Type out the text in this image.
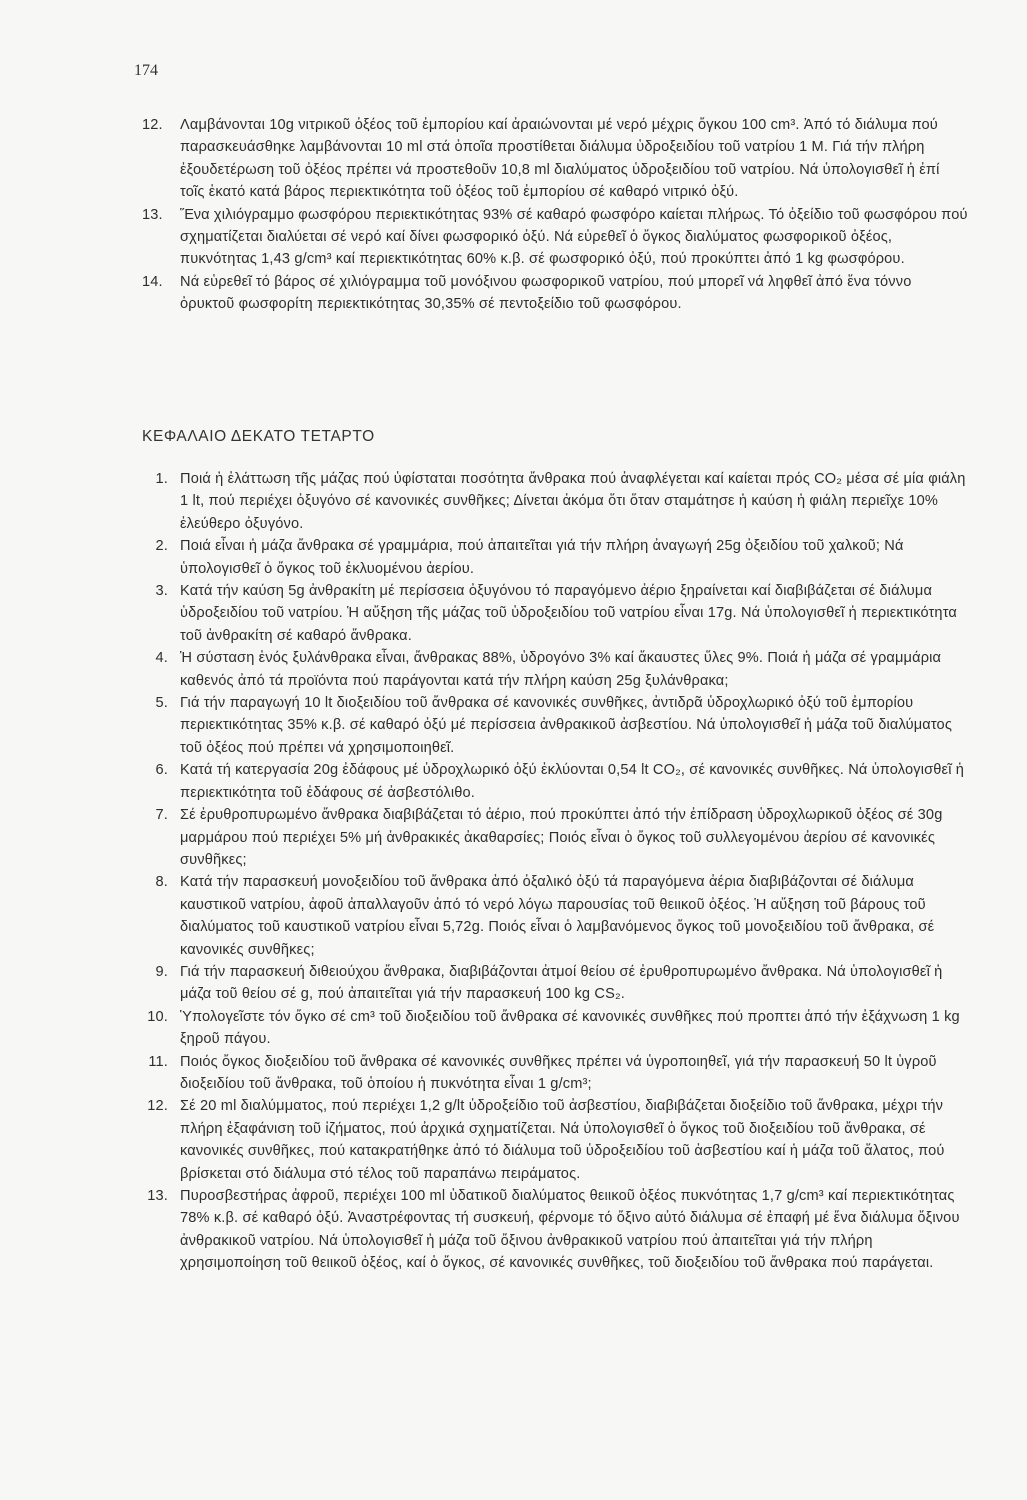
174
12. Λαμβάνονται 10g νιτρικοῦ ὀξέος τοῦ ἐμπορίου καί ἀραιώνονται μέ νερό μέχρις ὄγκου 100 cm³. Ἀπό τό διάλυμα πού παρασκευάσθηκε λαμβάνονται 10 ml στά ὁποῖα προστίθεται διάλυμα ὑδροξειδίου τοῦ νατρίου 1 Μ. Γιά τήν πλήρη ἐξουδετέρωση τοῦ ὀξέος πρέπει νά προστεθοῦν 10,8 ml διαλύματος ὑδροξειδίου τοῦ νατρίου. Νά ὑπολογισθεῖ ἡ ἐπί τοῖς ἑκατό κατά βάρος περιεκτικότητα τοῦ ὀξέος τοῦ ἐμπορίου σέ καθαρό νιτρικό ὀξύ.
13. Ἕνα χιλιόγραμμο φωσφόρου περιεκτικότητας 93% σέ καθαρό φωσφόρο καίεται πλήρως. Τό ὀξείδιο τοῦ φωσφόρου πού σχηματίζεται διαλύεται σέ νερό καί δίνει φωσφορικό ὀξύ. Νά εὑρεθεῖ ὁ ὄγκος διαλύματος φωσφορικοῦ ὀξέος, πυκνότητας 1,43 g/cm³ καί περιεκτικότητας 60% κ.β. σέ φωσφορικό ὀξύ, πού προκύπτει ἀπό 1 kg φωσφόρου.
14. Νά εὑρεθεῖ τό βάρος σέ χιλιόγραμμα τοῦ μονόξινου φωσφορικοῦ νατρίου, πού μπορεῖ νά ληφθεῖ ἀπό ἕνα τόννο ὀρυκτοῦ φωσφορίτη περιεκτικότητας 30,35% σέ πεντοξείδιο τοῦ φωσφόρου.
ΚΕΦΑΛΑΙΟ ΔΕΚΑΤΟ ΤΕΤΑΡΤΟ
1. Ποιά ἡ ἐλάττωση τῆς μάζας πού ὑφίσταται ποσότητα ἄνθρακα πού ἀναφλέγεται καί καίεται πρός CO₂ μέσα σέ μία φιάλη 1 lt, πού περιέχει ὀξυγόνο σέ κανονικές συνθῆκες; Δίνεται ἀκόμα ὅτι ὅταν σταμάτησε ἡ καύση ἡ φιάλη περιεῖχε 10% ἐλεύθερο ὀξυγόνο.
2. Ποιά εἶναι ἡ μάζα ἄνθρακα σέ γραμμάρια, πού ἀπαιτεῖται γιά τήν πλήρη ἀναγωγή 25g ὀξειδίου τοῦ χαλκοῦ; Νά ὑπολογισθεῖ ὁ ὄγκος τοῦ ἐκλυομένου ἀερίου.
3. Κατά τήν καύση 5g ἀνθρακίτη μέ περίσσεια ὀξυγόνου τό παραγόμενο ἀέριο ξηραίνεται καί διαβιβάζεται σέ διάλυμα ὑδροξειδίου τοῦ νατρίου. Ἡ αὔξηση τῆς μάζας τοῦ ὑδροξειδίου τοῦ νατρίου εἶναι 17g. Νά ὑπολογισθεῖ ἡ περιεκτικότητα τοῦ ἀνθρακίτη σέ καθαρό ἄνθρακα.
4. Ἡ σύσταση ἑνός ξυλάνθρακα εἶναι, ἄνθρακας 88%, ὑδρογόνο 3% καί ἄκαυστες ὕλες 9%. Ποιά ἡ μάζα σέ γραμμάρια καθενός ἀπό τά προϊόντα πού παράγονται κατά τήν πλήρη καύση 25g ξυλάνθρακα;
5. Γιά τήν παραγωγή 10 lt διοξειδίου τοῦ ἄνθρακα σέ κανονικές συνθῆκες, ἀντιδρᾶ ὑδροχλωρικό ὀξύ τοῦ ἐμπορίου περιεκτικότητας 35% κ.β. σέ καθαρό ὀξύ μέ περίσσεια ἀνθρακικοῦ ἀσβεστίου. Νά ὑπολογισθεῖ ἡ μάζα τοῦ διαλύματος τοῦ ὀξέος πού πρέπει νά χρησιμοποιηθεῖ.
6. Κατά τή κατεργασία 20g ἐδάφους μέ ὑδροχλωρικό ὀξύ ἐκλύονται 0,54 lt CO₂, σέ κανονικές συνθῆκες. Νά ὑπολογισθεῖ ἡ περιεκτικότητα τοῦ ἐδάφους σέ ἀσβεστόλιθο.
7. Σέ ἐρυθροπυρωμένο ἄνθρακα διαβιβάζεται τό ἀέριο, πού προκύπτει ἀπό τήν ἐπίδραση ὑδροχλωρικοῦ ὀξέος σέ 30g μαρμάρου πού περιέχει 5% μή ἀνθρακικές ἀκαθαρσίες; Ποιός εἶναι ὁ ὄγκος τοῦ συλλεγομένου ἀερίου σέ κανονικές συνθῆκες;
8. Κατά τήν παρασκευή μονοξειδίου τοῦ ἄνθρακα ἀπό ὀξαλικό ὀξύ τά παραγόμενα ἀέρια διαβιβάζονται σέ διάλυμα καυστικοῦ νατρίου, ἀφοῦ ἀπαλλαγοῦν ἀπό τό νερό λόγω παρουσίας τοῦ θειικοῦ ὀξέος. Ἡ αὔξηση τοῦ βάρους τοῦ διαλύματος τοῦ καυστικοῦ νατρίου εἶναι 5,72g. Ποιός εἶναι ὁ λαμβανόμενος ὄγκος τοῦ μονοξειδίου τοῦ ἄνθρακα, σέ κανονικές συνθῆκες;
9. Γιά τήν παρασκευή διθειούχου ἄνθρακα, διαβιβάζονται ἀτμοί θείου σέ ἐρυθροπυρωμένο ἄνθρακα. Νά ὑπολογισθεῖ ἡ μάζα τοῦ θείου σέ g, πού ἀπαιτεῖται γιά τήν παρασκευή 100 kg CS₂.
10. Ὑπολογεῖστε τόν ὄγκο σέ cm³ τοῦ διοξειδίου τοῦ ἄνθρακα σέ κανονικές συνθῆκες πού προπτει ἀπό τήν ἐξάχνωση 1 kg ξηροῦ πάγου.
11. Ποιός ὄγκος διοξειδίου τοῦ ἄνθρακα σέ κανονικές συνθῆκες πρέπει νά ὑγροποιηθεῖ, γιά τήν παρασκευή 50 lt ὑγροῦ διοξειδίου τοῦ ἄνθρακα, τοῦ ὁποίου ἡ πυκνότητα εἶναι 1 g/cm³;
12. Σέ 20 ml διαλύμματος, πού περιέχει 1,2 g/lt ὑδροξείδιο τοῦ ἀσβεστίου, διαβιβάζεται διοξείδιο τοῦ ἄνθρακα, μέχρι τήν πλήρη ἐξαφάνιση τοῦ ἰζήματος, πού ἀρχικά σχηματίζεται. Νά ὑπολογισθεῖ ὁ ὄγκος τοῦ διοξειδίου τοῦ ἄνθρακα, σέ κανονικές συνθῆκες, πού κατακρατήθηκε ἀπό τό διάλυμα τοῦ ὑδροξειδίου τοῦ ἀσβεστίου καί ἡ μάζα τοῦ ἅλατος, πού βρίσκεται στό διάλυμα στό τέλος τοῦ παραπάνω πειράματος.
13. Πυροσβεστήρας ἀφροῦ, περιέχει 100 ml ὑδατικοῦ διαλύματος θειικοῦ ὀξέος πυκνότητας 1,7 g/cm³ καί περιεκτικότητας 78% κ.β. σέ καθαρό ὀξύ. Ἀναστρέφοντας τή συσκευή, φέρνομε τό ὄξινο αὐτό διάλυμα σέ ἐπαφή μέ ἕνα διάλυμα ὄξινου ἀνθρακικοῦ νατρίου. Νά ὑπολογισθεῖ ἡ μάζα τοῦ ὄξινου ἀνθρακικοῦ νατρίου πού ἀπαιτεῖται γιά τήν πλήρη χρησιμοποίηση τοῦ θειικοῦ ὀξέος, καί ὁ ὄγκος, σέ κανονικές συνθῆκες, τοῦ διοξειδίου τοῦ ἄνθρακα πού παράγεται.
